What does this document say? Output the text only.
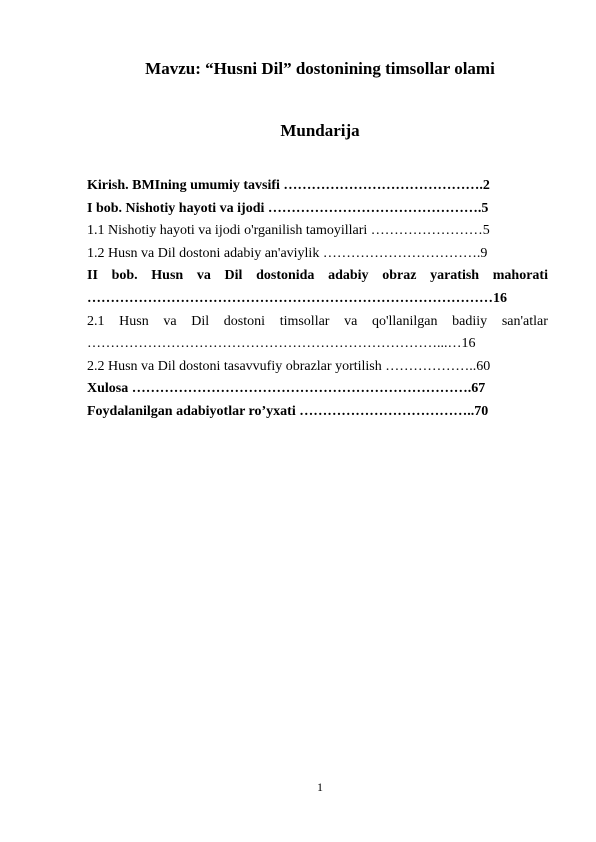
Mavzu: “Husni Dil” dostonining timsollar olami
Mundarija
Kirish. BMIning umumiy tavsifi …………………………………….2
I bob. Nishotiy hayoti va ijodi ……………………………………….5
1.1 Nishotiy hayoti va ijodi o'rganilish tamoyillari ……………………5
1.2 Husn va Dil dostoni adabiy an'aviylik …………………………….9
II bob. Husn va Dil dostonida adabiy obraz yaratish mahorati
……………………………………………………………………………16
2.1 Husn va Dil dostoni timsollar va qo'llanilgan badiiy san'atlar
…………………………………………………………………...…16
2.2 Husn va Dil dostoni tasavvufiy obrazlar yortilish ………………..60
Xulosa ……………………………………………………………….67
Foydalanilgan adabiyotlar ro’yxati ………………………………..70
1
